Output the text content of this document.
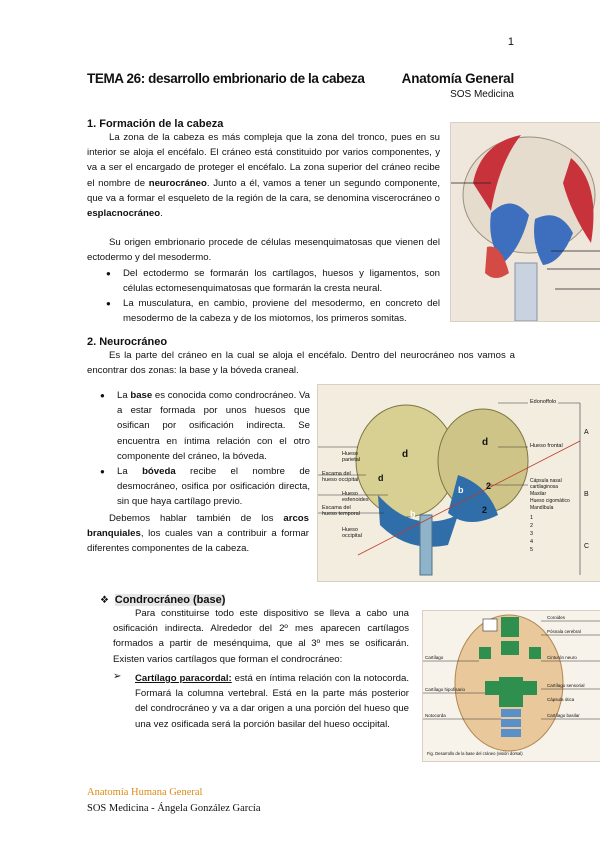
1
TEMA 26: desarrollo embrionario de la cabeza	Anatomía General
SOS Medicina
1. Formación de la cabeza

La zona de la cabeza es más compleja que la zona del tronco, pues en su interior se aloja el encéfalo. El cráneo está constituido por varios componentes, y va a ser el encargado de proteger el encéfalo. La zona superior del cráneo recibe el nombre de neurocráneo. Junto a él, vamos a tener un segundo componente, que va a formar el esqueleto de la región de la cara, se denomina viscerocráneo o esplacnocráneo.

Su origen embrionario procede de células mesenquimatosas que vienen del ectodermo y del mesodermo.

● Del ectodermo se formarán los cartílagos, huesos y ligamentos, son células ectomesenquimatosas que formarán la cresta neural.

● La musculatura, en cambio, proviene del mesodermo, en concreto del mesodermo de la cabeza y de los miotomos, los primeros somitas.

2. Neurocráneo

Es la parte del cráneo en la cual se aloja el encéfalo. Dentro del neurocráneo nos vamos a encontrar dos zonas: la base y la bóveda craneal.

● La base es conocida como condrocráneo. Va a estar formada por unos huesos que osifican por osificación indirecta. Se encuentra en íntima relación con el otro componente del cráneo, la bóveda.

● La bóveda recibe el nombre de desmocráneo, osifica por osificación directa, sin que haya cartílago previo.

Debemos hablar también de los arcos branquiales, los cuales van a contribuir a formar diferentes componentes de la cabeza.

Hueso parietal
Escama del hueso occipital
Hueso esfenoides
Escama del hueso temporal
Hueso occipital
Edonoffolo
Hueso frontal
Cápsula nasal cartilaginosa
Maxilar
Hueso cigomático
Mandíbula
1
2
3
4
5
A
B
C
d
d
d
b
b	2
2
❖ Condrocráneo (base)

Para constituirse todo este dispositivo se lleva a cabo una osificación indirecta. Alrededor del 2º mes aparecen cartílagos formados a partir de mesénquima, que al 3º mes se osificarán. Existen varios cartílagos que forman el condrocráneo:

➢	Cartílago paracordal: está en íntima relación con la notocorda. Formará la columna vertebral. Está en la parte más posterior del condrocráneo y va a dar origen a una porción del hueso que una vez osificada será la porción basilar del hueso occipital.

Cartílago
Cartílago hipofisario
Notocorda
Coroides
Pósnala cerebral
Cinturón neuro
Cartílago sensorial
Cápsula ótica
Cartílago basilar
Fig. Desarrollo de la base del cráneo (visión dorsal)
Anatomía Humana General
SOS Medicina - Ángela González García
